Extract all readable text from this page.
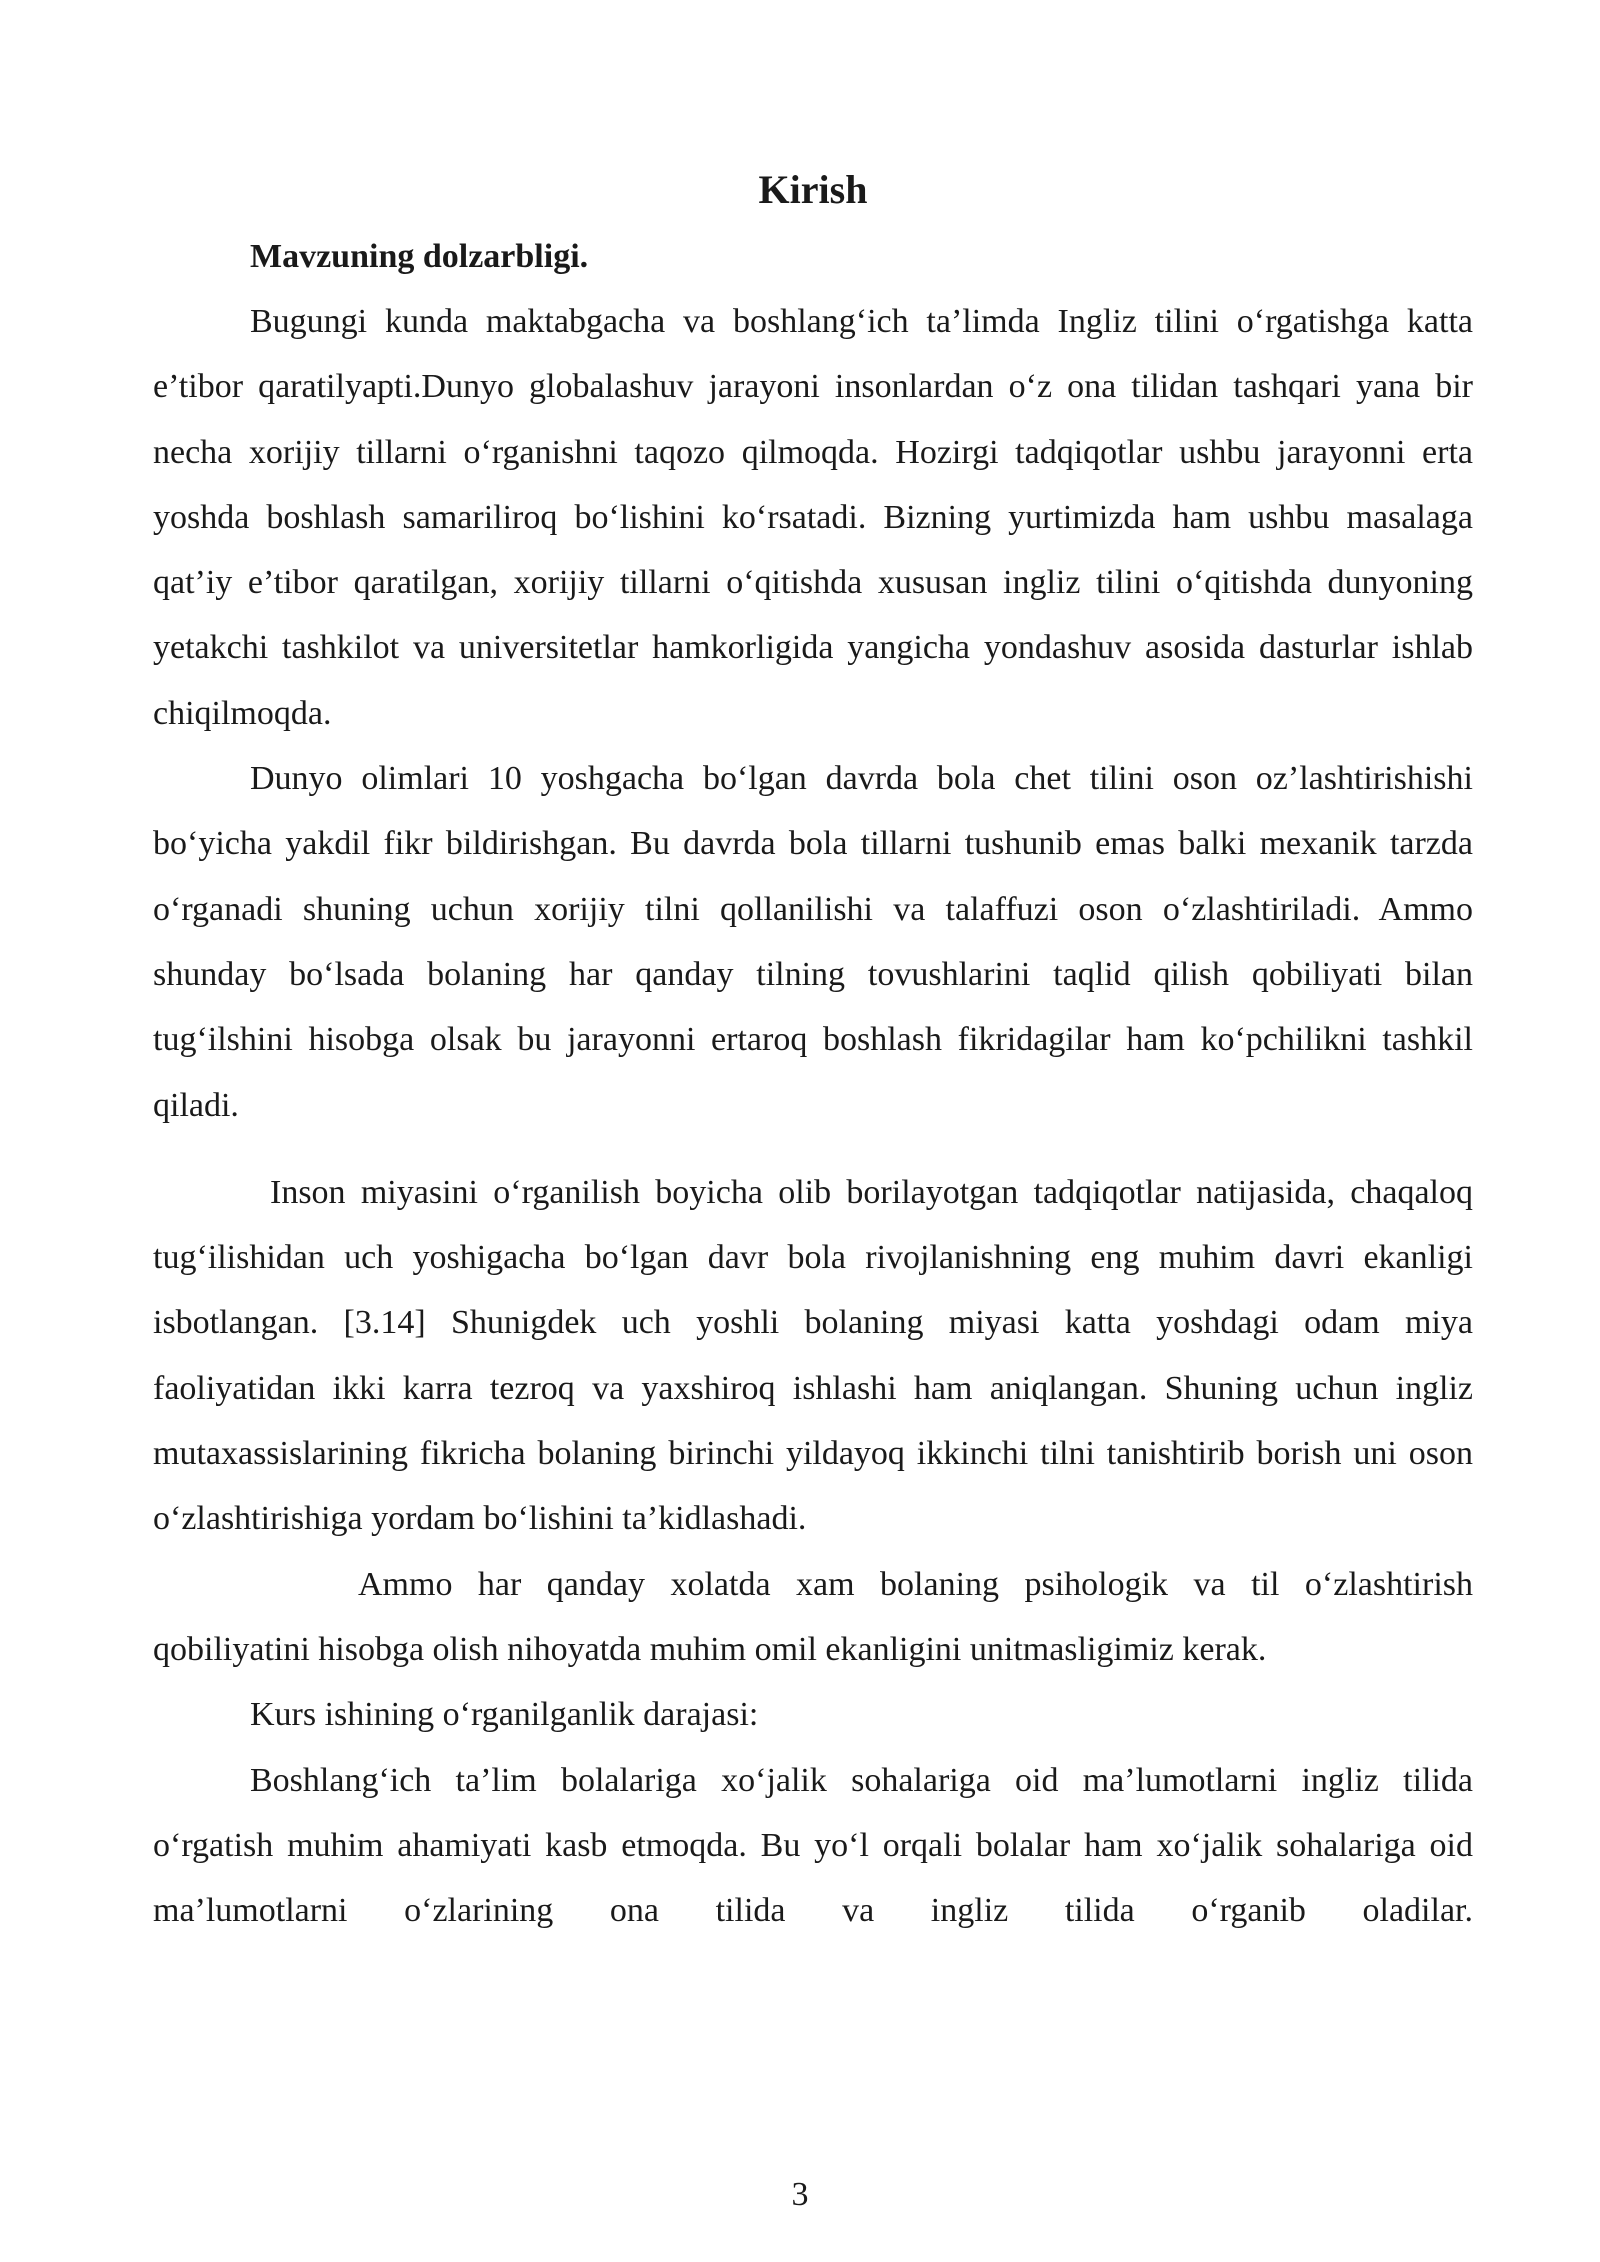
Kirish

Mavzuning dolzarbligi.

Bugungi kunda maktabgacha va boshlang‘ich ta’limda Ingliz tilini o‘rgatishga katta e’tibor qaratilyapti.Dunyo globalashuv jarayoni insonlardan o‘z ona tilidan tashqari yana bir necha xorijiy tillarni o‘rganishni taqozo qilmoqda. Hozirgi tadqiqotlar ushbu jarayonni erta yoshda boshlash samariliroq bo‘lishini ko‘rsatadi. Bizning yurtimizda ham ushbu masalaga qat’iy e’tibor qaratilgan, xorijiy tillarni o‘qitishda xususan ingliz tilini o‘qitishda dunyoning yetakchi tashkilot va universitetlar hamkorligida yangicha yondashuv asosida dasturlar ishlab chiqilmoqda.

Dunyo olimlari 10 yoshgacha bo‘lgan davrda bola chet tilini oson oz’lashtirishishi bo‘yicha yakdil fikr bildirishgan. Bu davrda bola tillarni tushunib emas balki mexanik tarzda o‘rganadi shuning uchun xorijiy tilni qollanilishi va talaffuzi oson o‘zlashtiriladi. Ammo shunday bo‘lsada bolaning har qanday tilning tovushlarini taqlid qilish qobiliyati bilan tug‘ilshini hisobga olsak bu jarayonni ertaroq boshlash fikridagilar ham ko‘pchilikni tashkil qiladi.

Inson miyasini o‘rganilish boyicha olib borilayotgan tadqiqotlar natijasida, chaqaloq tug‘ilishidan uch yoshigacha bo‘lgan davr bola rivojlanishning eng muhim davri ekanligi isbotlangan. [3.14] Shunigdek uch yoshli bolaning miyasi katta yoshdagi odam miya faoliyatidan ikki karra tezroq va yaxshiroq ishlashi ham aniqlangan. Shuning uchun ingliz mutaxassislarining fikricha bolaning birinchi yildayoq ikkinchi tilni tanishtirib borish uni oson o‘zlashtirishiga yordam bo‘lishini ta’kidlashadi.

Ammo har qanday xolatda xam bolaning psihologik va til o‘zlashtirish qobiliyatini hisobga olish nihoyatda muhim omil ekanligini unitmasligimiz kerak.

Kurs ishining o‘rganilganlik darajasi:

Boshlang‘ich ta’lim bolalariga xo‘jalik sohalariga oid ma’lumotlarni ingliz tilida o‘rgatish muhim ahamiyati kasb etmoqda. Bu yo‘l orqali bolalar ham xo‘jalik sohalariga oid ma’lumotlarni o‘zlarining ona tilida va ingliz tilida o‘rganib oladilar.

3
